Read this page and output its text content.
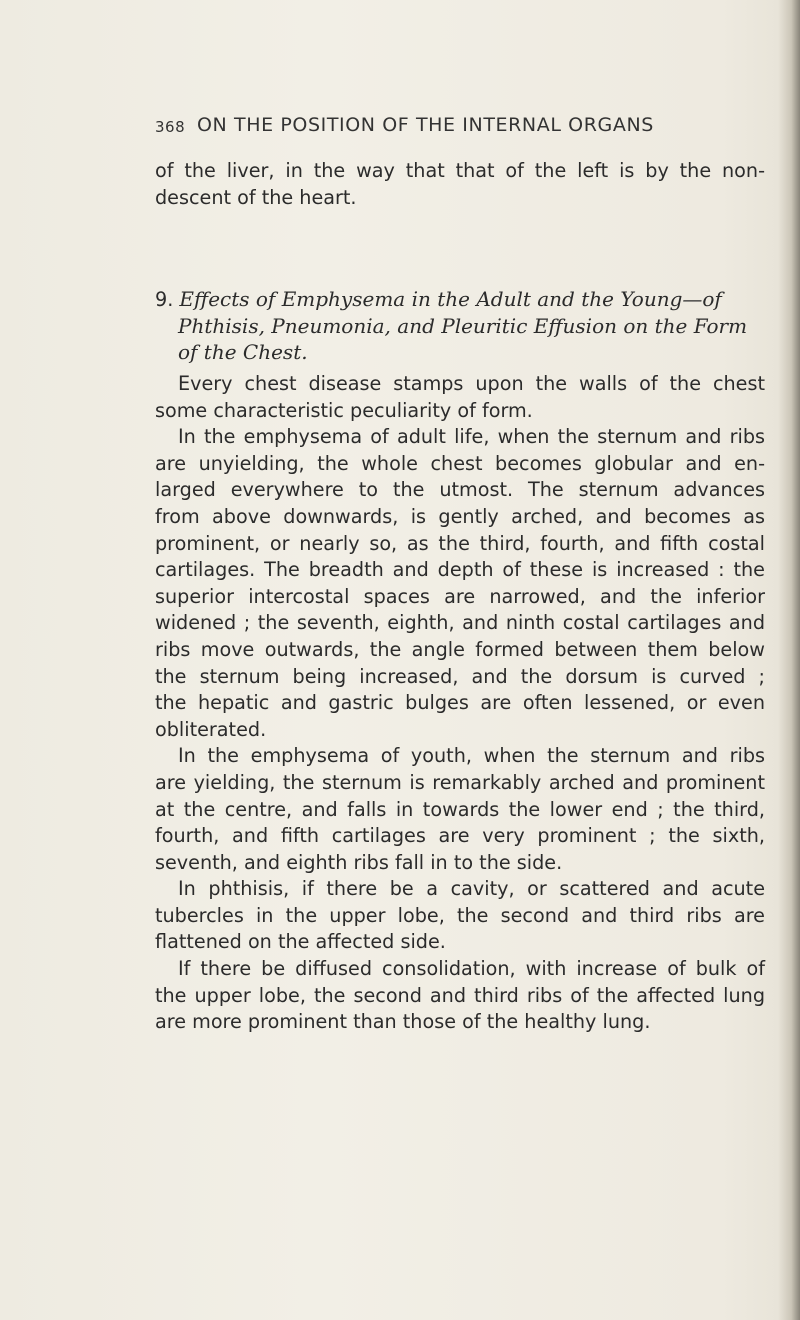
368 ON THE POSITION OF THE INTERNAL ORGANS
of the liver, in the way that that of the left is by the non-
descent of the heart.
9. Effects of Emphysema in the Adult and the Young—of
Phthisis, Pneumonia, and Pleuritic Effusion on the Form
of the Chest.
Every chest disease stamps upon the walls of the chest
some characteristic peculiarity of form.
In the emphysema of adult life, when the sternum and ribs
are unyielding, the whole chest becomes globular and en-
larged everywhere to the utmost. The sternum advances
from above downwards, is gently arched, and becomes as
prominent, or nearly so, as the third, fourth, and fifth costal
cartilages. The breadth and depth of these is increased : the
superior intercostal spaces are narrowed, and the inferior
widened ; the seventh, eighth, and ninth costal cartilages and
ribs move outwards, the angle formed between them below
the sternum being increased, and the dorsum is curved ;
the hepatic and gastric bulges are often lessened, or even
obliterated.
In the emphysema of youth, when the sternum and ribs
are yielding, the sternum is remarkably arched and prominent
at the centre, and falls in towards the lower end ; the third,
fourth, and fifth cartilages are very prominent ; the sixth,
seventh, and eighth ribs fall in to the side.
In phthisis, if there be a cavity, or scattered and acute
tubercles in the upper lobe, the second and third ribs are
flattened on the affected side.
If there be diffused consolidation, with increase of bulk of
the upper lobe, the second and third ribs of the affected lung
are more prominent than those of the healthy lung.
